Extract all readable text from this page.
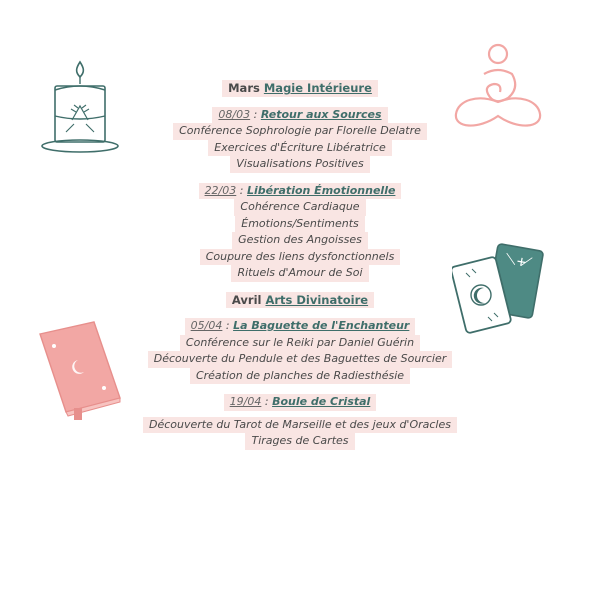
Mars Magie Intérieure
08/03 : Retour aux Sources
Conférence Sophrologie par Florelle Delatre
Exercices d'Écriture Libératrice
Visualisations Positives
22/03 : Libération Émotionnelle
Cohérence Cardiaque
Émotions/Sentiments
Gestion des Angoisses
Coupure des liens dysfonctionnels
Rituels d'Amour de Soi
Avril Arts Divinatoire
05/04 : La Baguette de l'Enchanteur
Conférence sur le Reiki par Daniel Guérin
Découverte du Pendule et des Baguettes de Sourcier
Création de planches de Radiesthésie
19/04 : Boule de Cristal
Découverte du Tarot de Marseille et des jeux d'Oracles
Tirages de Cartes
